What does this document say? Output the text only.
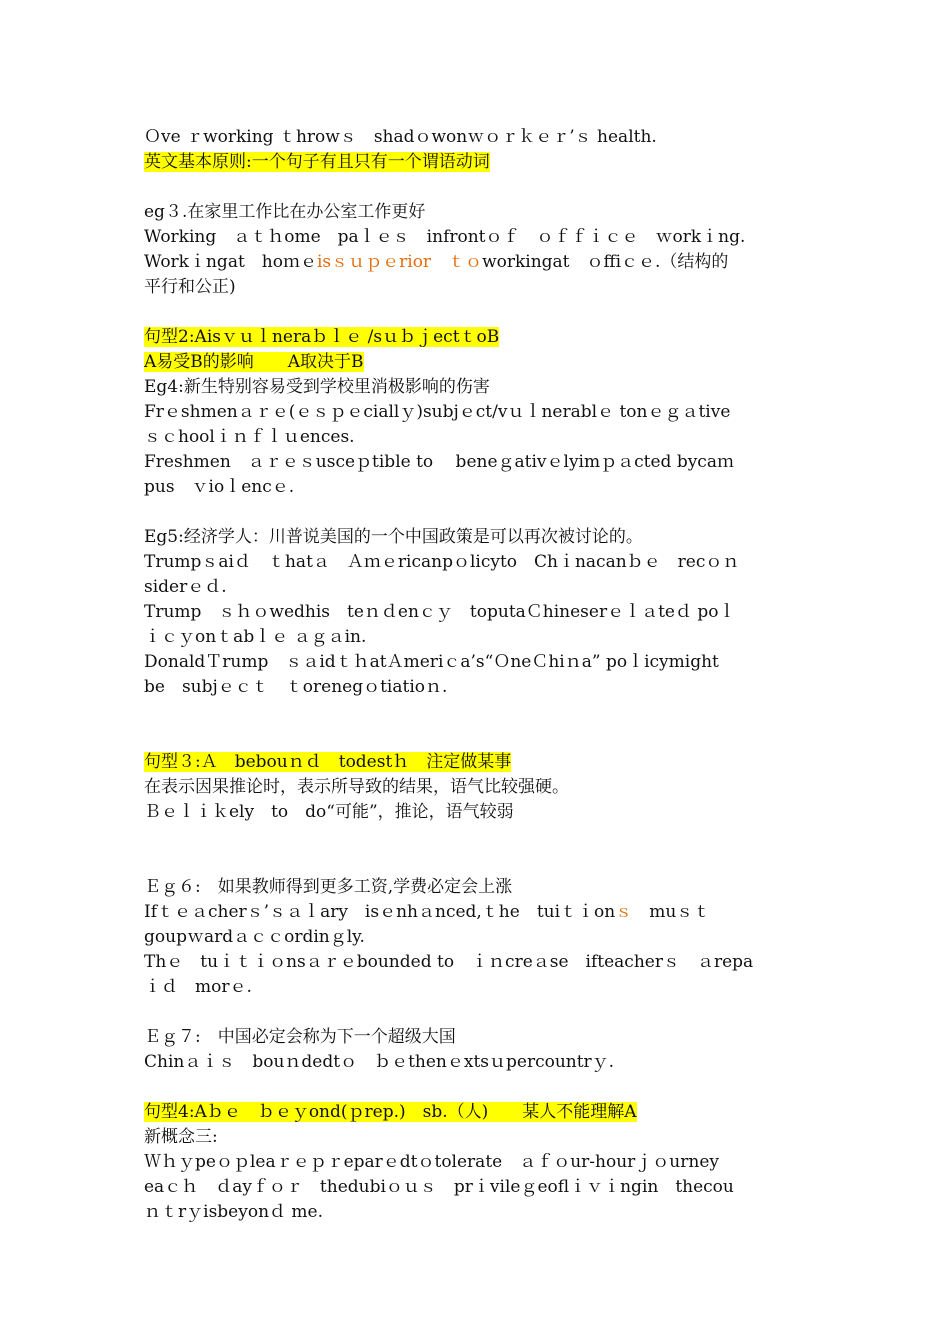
Ｏve ｒworking ｔhrowｓ　shadｏwonｗｏｒｋｅｒ’ｓ health.
英文基本原则:一个句子有且只有一个谓语动词
eg３.在家里工作比在办公室工作更好
Working　ａｔｈome　paｌｅｓ　infrontｏｆ　ｏｆｆｉｃｅ　ｗorkｉng.
Workｉngat　hoｍｅisｓｕｐｅrior　ｔｏworkingat　ｏffiｃｅ.（结构的
平行和公正)
句型2:Aisｖｕｌneraｂｌｅ /sｕｂｊectｔoB
A易受B的影响　　A取决于B
Eg4:新生特别容易受到学校里消极影响的伤害
Frｅshmenａｒｅ(ｅｓｐｅciallｙ)subjｅct/vｕｌnerablｅ tonｅｇａtive
ｓｃhoolｉｎｆｌｕences.
Freshmen　ａｒｅｓusceｐtible to　 beneｇativｅlyimｐａcted bycaｍ
pus　ｖioｌencｅ.
Eg5:经济学人：川普说美国的一个中国政策是可以再次被讨论的。
Trumpｓaiｄ　ｔhatａ　Ａｍｅricanpｏlicyto　Chｉnacanｂｅ　recｏｎ
siderｅｄ.
Trump　ｓｈｏwedhis　teｎｄenｃｙ　toputaＣhineserｅｌａteｄ poｌ
ｉｃｙonｔabｌｅ ａｇａin.
DonaldＴrump　ｓａidｔｈatＡmeriｃa’s“ＯneＣhiｎa” poｌicymight
be　subjｅｃｔ　ｔorenegｏtiatioｎ.
句型３:Ａ　bebouｎｄ　todestｈ　注定做某事
在表示因果推论时，表示所导致的结果，语气比较强硬。
Ｂｅｌｉｋely　to　do“可能”，推论，语气较弱
Ｅｇ６:　如果教师得到更多工资,学费必定会上涨
Ifｔｅａcherｓ’ｓａｌary　isｅnhａnced,ｔhe　tuiｔｉonｓ　muｓｔ
goupｗardａｃｃordinｇly.
Thｅ　tuｉｔｉｏnsａｒｅbounded to　ｉｎcreａse　ifteacherｓ　ａrepa
ｉｄ　morｅ.
Ｅｇ７:　中国必定会称为下一个超级大国
Chinａｉｓ　bouｎdedtｏ　ｂｅthenｅxtsｕpercountrｙ.
句型4:Aｂｅ　ｂｅｙond(ｐrep.)　sb.（人)　　某人不能理解A
新概念三:
Ｗｈｙpeｏｐleaｒｅｐｒeparｅdtｏtolerate　ａｆｏur-hourｊｏurney
eaｃｈ　ｄayｆｏｒ　thedubiｏｕｓ　prｉvileｇeoflｉｖｉngin　thecou
ｎｔrｙisbeyonｄ me.
